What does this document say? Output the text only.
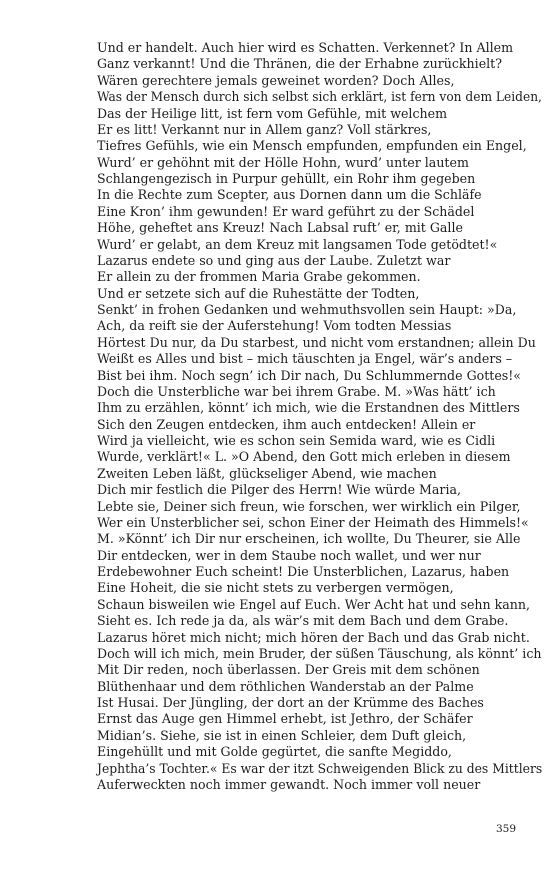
Und er handelt. Auch hier wird es Schatten. Verkennet? In Allem
Ganz verkannt! Und die Thränen, die der Erhabne zurückhielt?
Wären gerechtere jemals geweinet worden? Doch Alles,
Was der Mensch durch sich selbst sich erklärt, ist fern von dem Leiden,
Das der Heilige litt, ist fern vom Gefühle, mit welchem
Er es litt! Verkannt nur in Allem ganz? Voll stärkres,
Tiefres Gefühls, wie ein Mensch empfunden, empfunden ein Engel,
Wurd’ er gehöhnt mit der Hölle Hohn, wurd’ unter lautem
Schlangengezisch in Purpur gehüllt, ein Rohr ihm gegeben
In die Rechte zum Scepter, aus Dornen dann um die Schläfe
Eine Kron’ ihm gewunden! Er ward geführt zu der Schädel
Höhe, geheftet ans Kreuz! Nach Labsal ruft’ er, mit Galle
Wurd’ er gelabt, an dem Kreuz mit langsamen Tode getödtet!«
Lazarus endete so und ging aus der Laube. Zuletzt war
Er allein zu der frommen Maria Grabe gekommen.
Und er setzete sich auf die Ruhestätte der Todten,
Senkt’ in frohen Gedanken und wehmuthsvollen sein Haupt: »Da,
Ach, da reift sie der Auferstehung! Vom todten Messias
Hörtest Du nur, da Du starbest, und nicht vom erstandnen; allein Du
Weißt es Alles und bist – mich täuschten ja Engel, wär’s anders –
Bist bei ihm. Noch segn’ ich Dir nach, Du Schlummernde Gottes!«
Doch die Unsterbliche war bei ihrem Grabe. M. »Was hätt’ ich
Ihm zu erzählen, könnt’ ich mich, wie die Erstandnen des Mittlers
Sich den Zeugen entdecken, ihm auch entdecken! Allein er
Wird ja vielleicht, wie es schon sein Semida ward, wie es Cidli
Wurde, verklärt!« L. »O Abend, den Gott mich erleben in diesem
Zweiten Leben läßt, glückseliger Abend, wie machen
Dich mir festlich die Pilger des Herrn! Wie würde Maria,
Lebte sie, Deiner sich freun, wie forschen, wer wirklich ein Pilger,
Wer ein Unsterblicher sei, schon Einer der Heimath des Himmels!«
M. »Könnt’ ich Dir nur erscheinen, ich wollte, Du Theurer, sie Alle
Dir entdecken, wer in dem Staube noch wallet, und wer nur
Erdebewohner Euch scheint! Die Unsterblichen, Lazarus, haben
Eine Hoheit, die sie nicht stets zu verbergen vermögen,
Schaun bisweilen wie Engel auf Euch. Wer Acht hat und sehn kann,
Sieht es. Ich rede ja da, als wär’s mit dem Bach und dem Grabe.
Lazarus höret mich nicht; mich hören der Bach und das Grab nicht.
Doch will ich mich, mein Bruder, der süßen Täuschung, als könnt’ ich
Mit Dir reden, noch überlassen. Der Greis mit dem schönen
Blüthenhaar und dem röthlichen Wanderstab an der Palme
Ist Husai. Der Jüngling, der dort an der Krümme des Baches
Ernst das Auge gen Himmel erhebt, ist Jethro, der Schäfer
Midian’s. Siehe, sie ist in einen Schleier, dem Duft gleich,
Eingehüllt und mit Golde gegürtet, die sanfte Megiddo,
Jephtha’s Tochter.« Es war der itzt Schweigenden Blick zu des Mittlers
Auferweckten noch immer gewandt. Noch immer voll neuer
359
